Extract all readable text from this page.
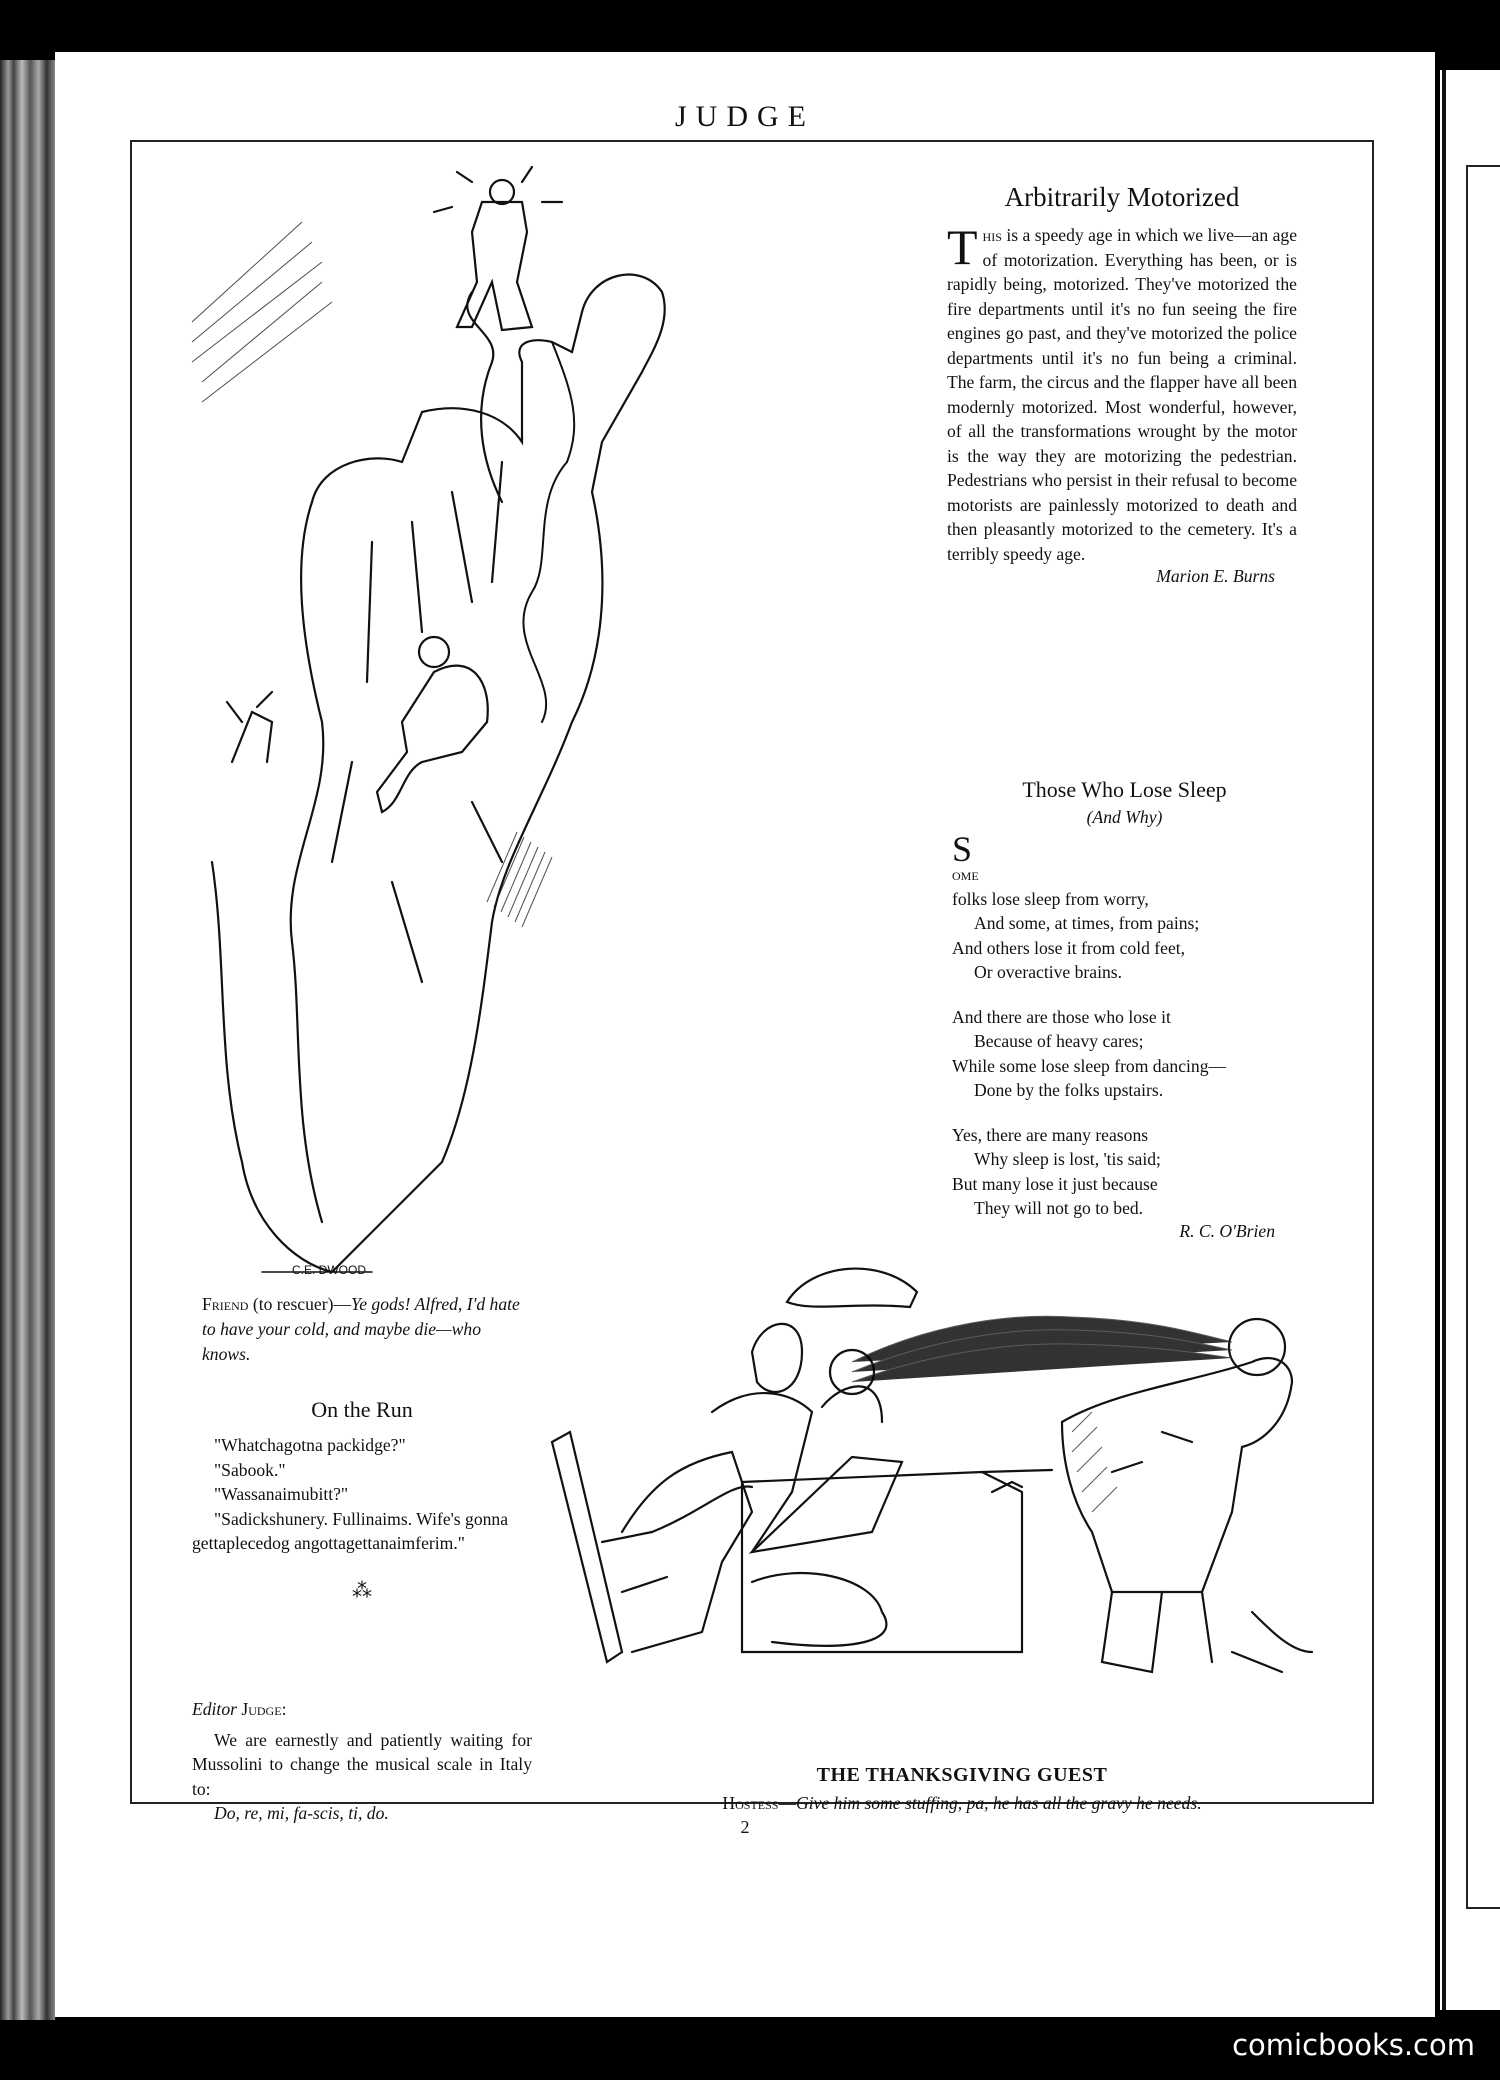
JUDGE
C.E. DWOOD
Friend (to rescuer)—Ye gods! Alfred, I'd hate to have your cold, and maybe die—who knows.
Arbitrarily Motorized
This is a speedy age in which we live—an age of motorization. Everything has been, or is rapidly being, motorized. They've motorized the fire departments until it's no fun seeing the fire engines go past, and they've motorized the police departments until it's no fun being a criminal. The farm, the circus and the flapper have all been modernly motorized. Most wonderful, however, of all the transformations wrought by the motor is the way they are motorizing the pedestrian. Pedestrians who persist in their refusal to become motorists are painlessly motorized to death and then pleasantly motorized to the cemetery. It's a terribly speedy age.
Marion E. Burns
Those Who Lose Sleep
(And Why)

S
ome
folks lose sleep from worry,
And some, at times, from pains;
And others lose it from cold feet,
Or overactive brains.

And there are those who lose it
Because of heavy cares;
While some lose sleep from dancing—
Done by the folks upstairs.

Yes, there are many reasons
Why sleep is lost, 'tis said;
But many lose it just because
They will not go to bed.

R. C. O'Brien
On the Run
"Whatchagotna packidge?"
"Sabook."
"Wassanaimubitt?"
"Sadickshunery. Fullinaims. Wife's gonna gettaplecedog angottagettanaimferim."
⁂
Editor Judge:
We are earnestly and patiently waiting for Mussolini to change the musical scale in Italy to:
Do, re, mi, fa-scis, ti, do.
THE THANKSGIVING GUEST
Hostess—Give him some stuffing, pa, he has all the gravy he needs.
2
comicbooks.com
